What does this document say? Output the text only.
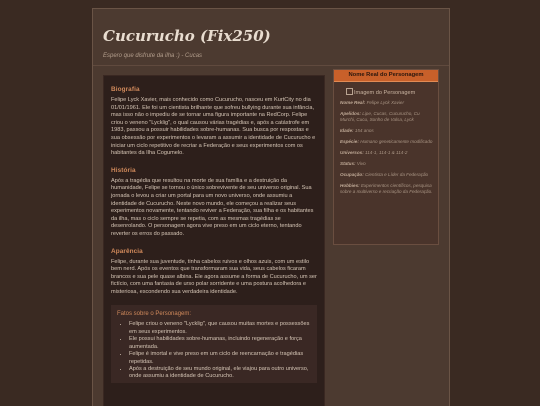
Cucurucho (Fix250)
Espero que disfrute da ilha :) - Cucas
Biografia

Felipe Lyck Xavier, mais conhecido como Cucurucho, nasceu em KurtCity no dia 01/01/1961. Ele foi um cientista brilhante que sofreu bullying durante sua infância, mas isso não o impediu de se tornar uma figura importante na RedCorp. Felipe criou o veneno "Lycklig", o qual causou várias tragédias e, após a catástrofe em 1983, passou a possuir habilidades sobre-humanas. Sua busca por respostas e sua obsessão por experimentos o levaram a assumir a identidade de Cucurucho e iniciar um ciclo repetitivo de recriar a Federação e seus experimentos com os habitantes da Ilha Cogumelo.

História

Após a tragédia que resultou na morte de sua família e a destruição da humanidade, Felipe se tornou o único sobrevivente de seu universo original. Sua jornada o levou a criar um portal para um novo universo, onde assumiu a identidade de Cucurucho. Neste novo mundo, ele começou a realizar seus experimentos novamente, tentando reviver a Federação, sua filha e os habitantes da ilha, mas o ciclo sempre se repetia, com as mesmas tragédias se desenrolando. O personagem agora vive preso em um ciclo eterno, tentando reverter os erros do passado.

Aparência

Felipe, durante sua juventude, tinha cabelos ruivos e olhos azuis, com um estilo bem nerd. Após os eventos que transformaram sua vida, seus cabelos ficaram brancos e sua pele quase albina. Ele agora assume a forma de Cucurucho, um ser fictício, com uma fantasia de urso polar sorridente e uma postura acolhedora e misteriosa, escondendo sua verdadeira identidade.

Fatos sobre o Personagem:
• Felipe criou o veneno "Lycklig", que causou muitas mortes e possessões em seus experimentos.
• Ele possui habilidades sobre-humanas, incluindo regeneração e força aumentada.
• Felipe é imortal e vive preso em um ciclo de reencarnação e tragédias repetidas.
• Após a destruição de seu mundo original, ele viajou para outro universo, onde assumiu a identidade de Cucurucho.
Nome Real do Personagem
Imagem do Personagem
Nome Real: Felipe Lyck Xavier
Apelidos: Lipe, Cucas, Cucurucho, Cu Murchi, Cucu, Sonho de Valsa, Lyck
Idade: 154 anos
Espécie: Humano geneticamente modificado
Universos: 114-1, 114-1 & 114-2
Status: Vivo
Ocupação: Cientista e Líder da Federação
Hobbies: Experimentos científicos, pesquisa sobre a multiverso e recriação da Federação.
